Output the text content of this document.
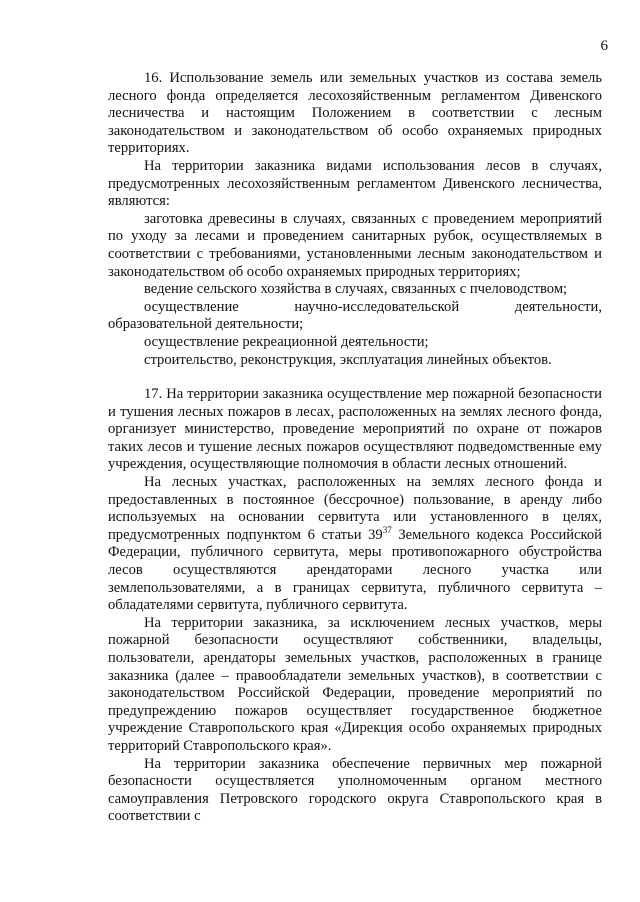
6

16. Использование земель или земельных участков из состава земель лесного фонда определяется лесохозяйственным регламентом Дивенского лесничества и настоящим Положением в соответствии с лесным законодательством и законодательством об особо охраняемых природных территориях.

На территории заказника видами использования лесов в случаях, предусмотренных лесохозяйственным регламентом Дивенского лесничества, являются:

заготовка древесины в случаях, связанных с проведением мероприятий по уходу за лесами и проведением санитарных рубок, осуществляемых в соответствии с требованиями, установленными лесным законодательством и законодательством об особо охраняемых природных территориях;

ведение сельского хозяйства в случаях, связанных с пчеловодством;

осуществление научно-исследовательской деятельности, образовательной деятельности;

осуществление рекреационной деятельности;

строительство, реконструкция, эксплуатация линейных объектов.

17. На территории заказника осуществление мер пожарной безопасности и тушения лесных пожаров в лесах, расположенных на землях лесного фонда, организует министерство, проведение мероприятий по охране от пожаров таких лесов и тушение лесных пожаров осуществляют подведомственные ему учреждения, осуществляющие полномочия в области лесных отношений.

На лесных участках, расположенных на землях лесного фонда и предоставленных в постоянное (бессрочное) пользование, в аренду либо используемых на основании сервитута или установленного в целях, предусмотренных подпунктом 6 статьи $39^{37}$ Земельного кодекса Российской Федерации, публичного сервитута, меры противопожарного обустройства лесов осуществляются арендаторами лесного участка или землепользователями, а в границах сервитута, публичного сервитута – обладателями сервитута, публичного сервитута.

На территории заказника, за исключением лесных участков, меры пожарной безопасности осуществляют собственники, владельцы, пользователи, арендаторы земельных участков, расположенных в границе заказника (далее – правообладатели земельных участков), в соответствии с законодательством Российской Федерации, проведение мероприятий по предупреждению пожаров осуществляет государственное бюджетное учреждение Ставропольского края «Дирекция особо охраняемых природных территорий Ставропольского края».

На территории заказника обеспечение первичных мер пожарной безопасности осуществляется уполномоченным органом местного самоуправления Петровского городского округа Ставропольского края в соответствии с
